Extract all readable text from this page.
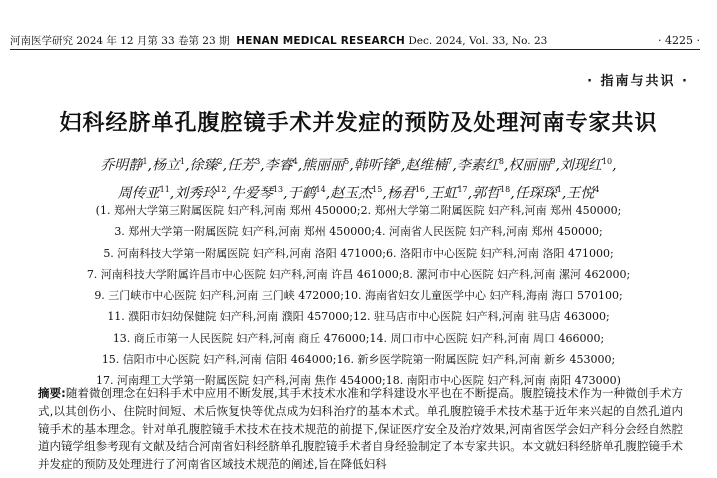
河南医学研究 2024 年 12 月第 33 卷第 23 期 HENAN MEDICAL RESEARCH Dec. 2024, Vol. 33, No. 23	· 4225 ·
· 指南与共识 ·
妇科经脐单孔腹腔镜手术并发症的预防及处理河南专家共识
乔明静$^1$,杨立$^1$,徐臻$^2$,任芳$^3$,李睿$^4$,熊丽丽$^5$,韩听锋$^6$,赵维楠$^7$,李素红$^8$,权丽丽$^9$,刘现红$^{10}$,
周传亚$^{11}$,刘秀玲$^{12}$,牛爱琴$^{13}$,于鹤$^{14}$,赵玉杰$^{15}$,杨君$^{16}$,王虹$^{17}$,郭哲$^{18}$,任琛琛$^1$,王悦$^4$
(1. 郑州大学第三附属医院 妇产科,河南 郑州 450000;2. 郑州大学第二附属医院 妇产科,河南 郑州 450000;
3. 郑州大学第一附属医院 妇产科,河南 郑州 450000;4. 河南省人民医院 妇产科,河南 郑州 450000;
5. 河南科技大学第一附属医院 妇产科,河南 洛阳 471000;6. 洛阳市中心医院 妇产科,河南 洛阳 471000;
7. 河南科技大学附属许昌市中心医院 妇产科,河南 许昌 461000;8. 漯河市中心医院 妇产科,河南 漯河 462000;
9. 三门峡市中心医院 妇产科,河南 三门峡 472000;10. 海南省妇女儿童医学中心 妇产科,海南 海口 570100;
11. 濮阳市妇幼保健院 妇产科,河南 濮阳 457000;12. 驻马店市中心医院 妇产科,河南 驻马店 463000;
13. 商丘市第一人民医院 妇产科,河南 商丘 476000;14. 周口市中心医院 妇产科,河南 周口 466000;
15. 信阳市中心医院 妇产科,河南 信阳 464000;16. 新乡医学院第一附属医院 妇产科,河南 新乡 453000;
17. 河南理工大学第一附属医院 妇产科,河南 焦作 454000;18. 南阳市中心医院 妇产科,河南 南阳 473000)
摘要:随着微创理念在妇科手术中应用不断发展,其手术技术水准和学科建设水平也在不断提高。腹腔镜技术作为一种微创手术方式,以其创伤小、住院时间短、术后恢复快等优点成为妇科治疗的基本术式。单孔腹腔镜手术技术基于近年来兴起的自然孔道内镜手术的基本理念。针对单孔腹腔镜手术技术在技术规范的前提下,保证医疗安全及治疗效果,河南省医学会妇产科分会经自然腔道内镜学组参考现有文献及结合河南省妇科经脐单孔腹腔镜手术者自身经验制定了本专家共识。本文就妇科经脐单孔腹腔镜手术并发症的预防及处理进行了河南省区域技术规范的阐述,旨在降低妇科
